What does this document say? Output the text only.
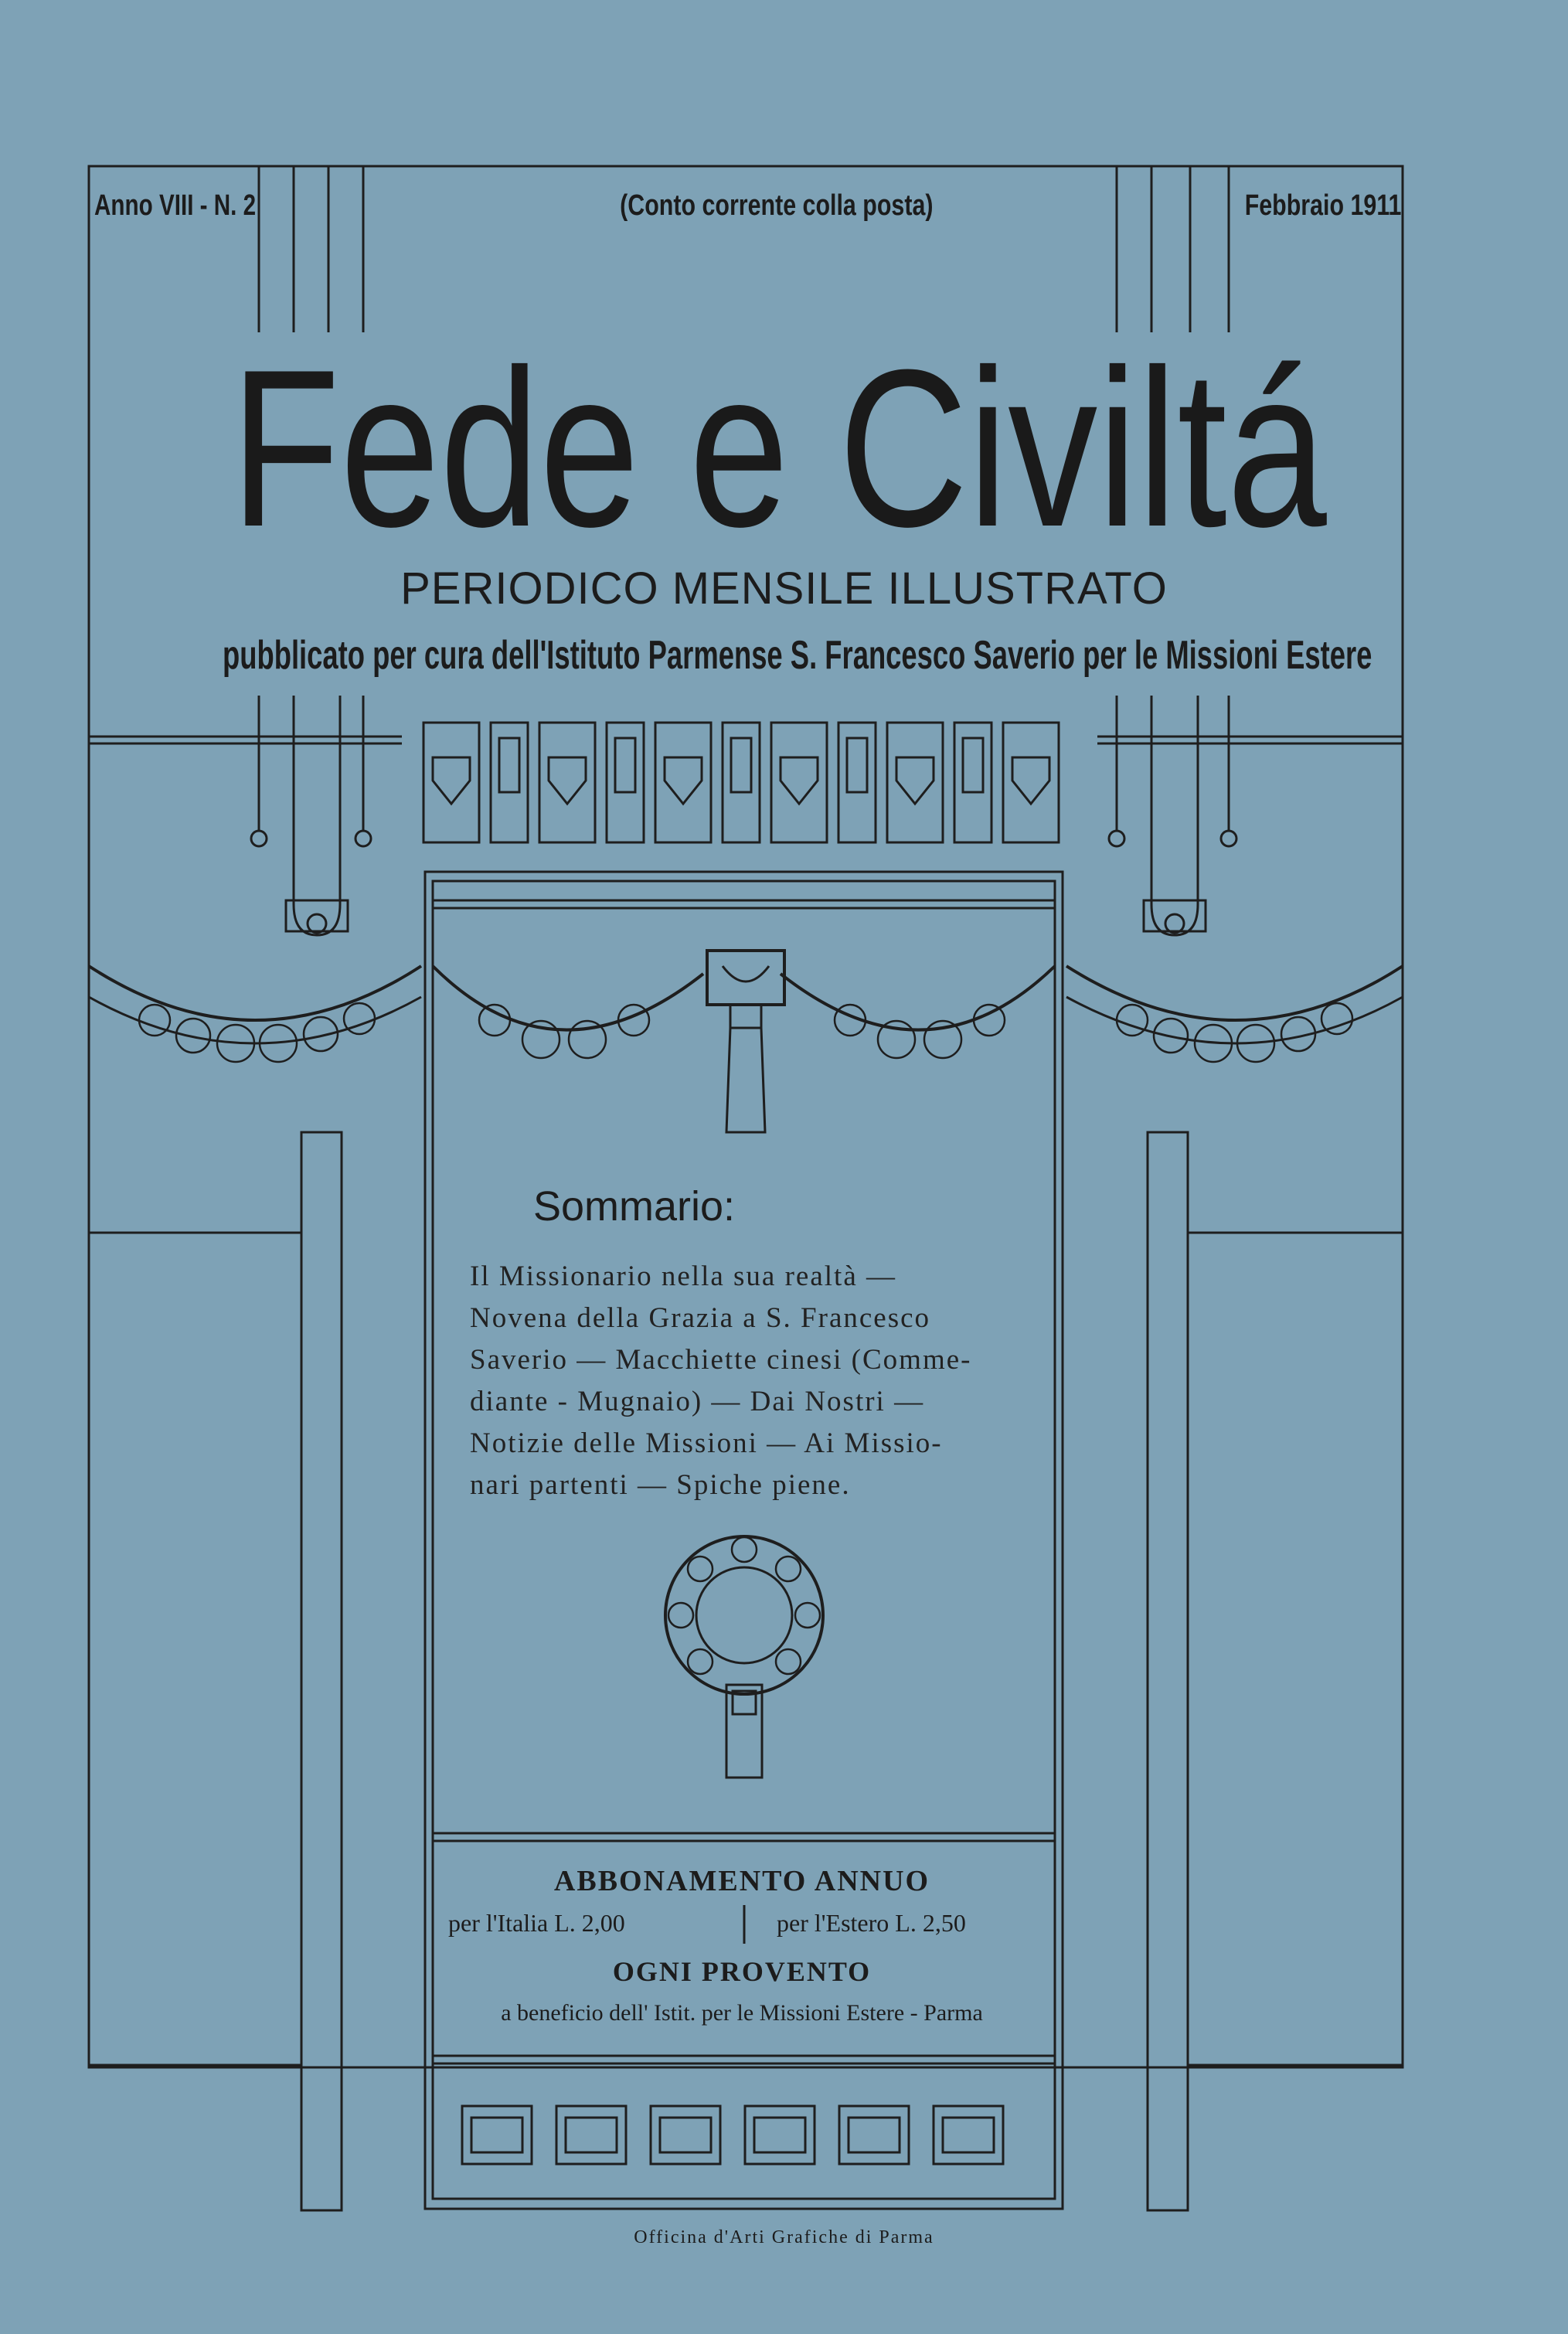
Anno VIII - N. 2	(Conto corrente colla posta)	Febbraio 1911
Fede e Civiltá
PERIODICO MENSILE ILLUSTRATO
pubblicato per cura dell'Istituto Parmense S. Francesco Saverio per le Missioni Estere
Sommario:
Il Missionario nella sua realtà —
Novena della Grazia a S. Francesco
Saverio — Macchiette cinesi (Comme-
diante - Mugnaio) — Dai Nostri —
Notizie delle Missioni — Ai Missio-
nari partenti — Spiche piene.
ABBONAMENTO ANNUO
per l'Italia L. 2,00	per l'Estero L. 2,50
OGNI PROVENTO
a beneficio dell' Istit. per le Missioni Estere - Parma
Officina d'Arti Grafiche di Parma
